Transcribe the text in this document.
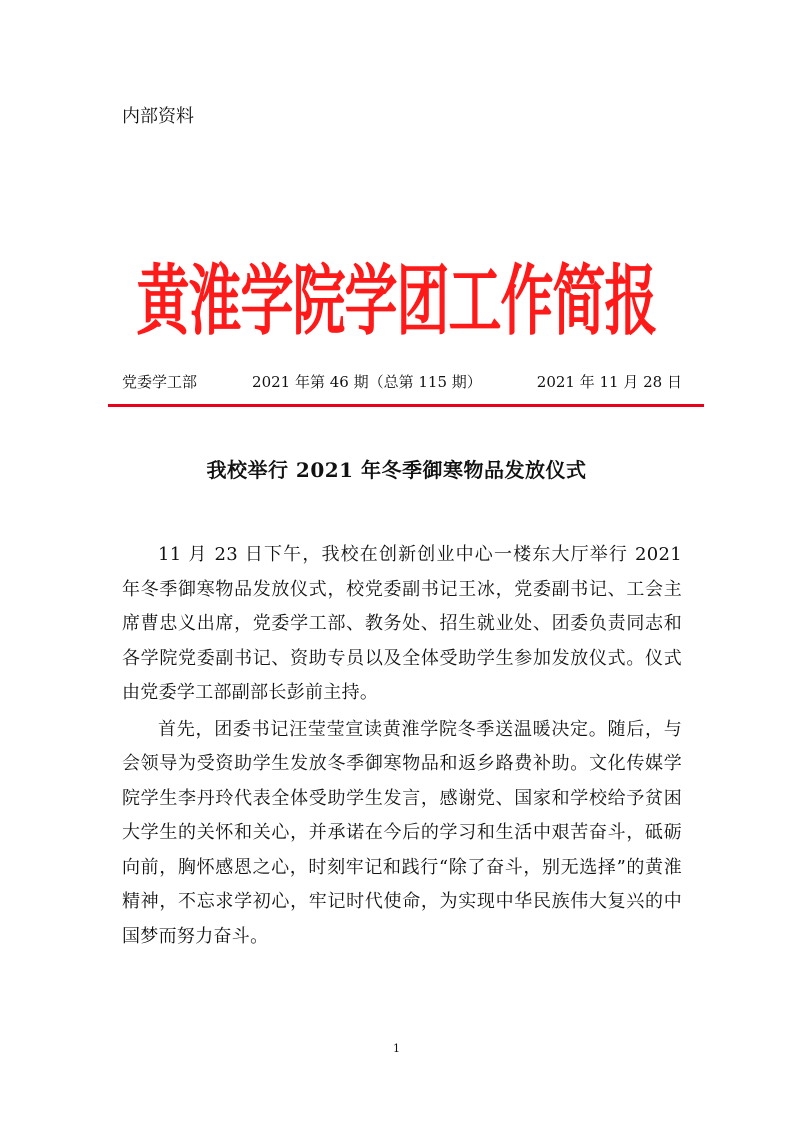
内部资料
黄淮学院学团工作简报
党委学工部	2021 年第 46 期（总第 115 期）	2021 年 11 月 28 日
我校举行 2021 年冬季御寒物品发放仪式

11 月 23 日下午，我校在创新创业中心一楼东大厅举行 2021 年冬季御寒物品发放仪式，校党委副书记王冰，党委副书记、工会主席曹忠义出席，党委学工部、教务处、招生就业处、团委负责同志和各学院党委副书记、资助专员以及全体受助学生参加发放仪式。仪式由党委学工部副部长彭前主持。

首先，团委书记汪莹莹宣读黄淮学院冬季送温暖决定。随后，与会领导为受资助学生发放冬季御寒物品和返乡路费补助。文化传媒学院学生李丹玲代表全体受助学生发言，感谢党、国家和学校给予贫困大学生的关怀和关心，并承诺在今后的学习和生活中艰苦奋斗，砥砺向前，胸怀感恩之心，时刻牢记和践行“除了奋斗，别无选择”的黄淮精神，不忘求学初心，牢记时代使命，为实现中华民族伟大复兴的中国梦而努力奋斗。

1
